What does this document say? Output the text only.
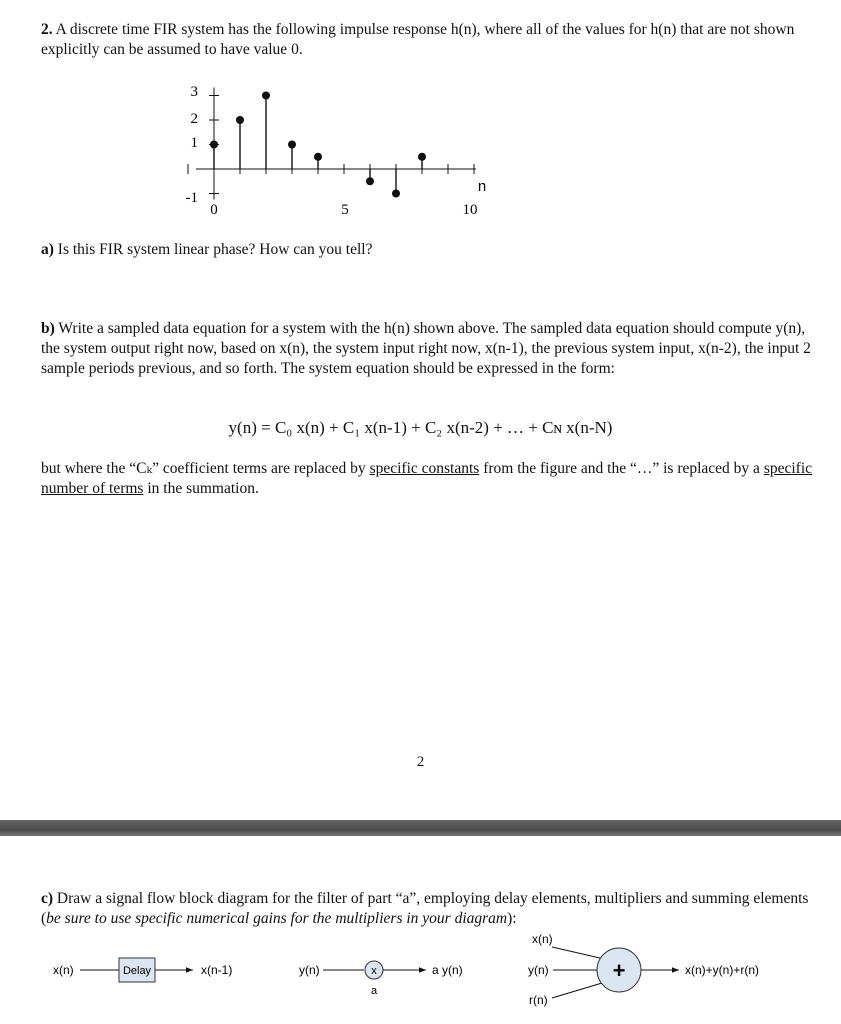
2. A discrete time FIR system has the following impulse response h(n), where all of the values for h(n) that are not shown explicitly can be assumed to have value 0.

3
2
1
-1
0	5	10
n

a) Is this FIR system linear phase? How can you tell?

b) Write a sampled data equation for a system with the h(n) shown above. The sampled data equation should compute y(n), the system output right now, based on x(n), the system input right now, x(n-1), the previous system input, x(n-2), the input 2 sample periods previous, and so forth. The system equation should be expressed in the form:

y(n) = C₀ x(n) + C₁ x(n-1) + C₂ x(n-2) + … + Cɴ x(n-N)

but where the “Cₖ” coefficient terms are replaced by specific constants from the figure and the “…” is replaced by a specific number of terms in the summation.

2

c) Draw a signal flow block diagram for the filter of part “a”, employing delay elements, multipliers and summing elements (be sure to use specific numerical gains for the multipliers in your diagram):

x(n)	Delay	x(n-1)	y(n)	x
a
a y(n)
x(n)
y(n)
r(n)
+	x(n)+y(n)+r(n)
